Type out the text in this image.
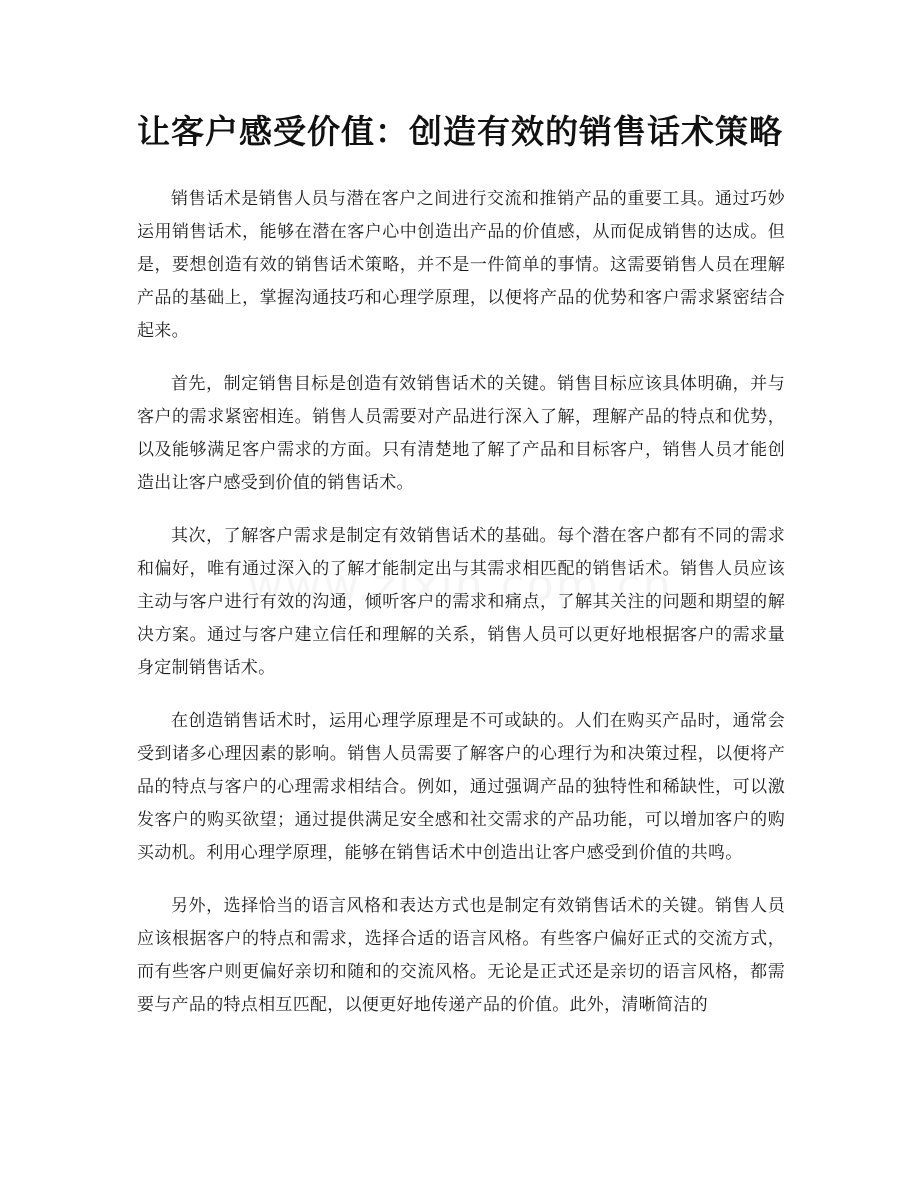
让客户感受价值：创造有效的销售话术策略

销售话术是销售人员与潜在客户之间进行交流和推销产品的重要工具。通过巧妙运用销售话术，能够在潜在客户心中创造出产品的价值感，从而促成销售的达成。但是，要想创造有效的销售话术策略，并不是一件简单的事情。这需要销售人员在理解产品的基础上，掌握沟通技巧和心理学原理，以便将产品的优势和客户需求紧密结合起来。

首先，制定销售目标是创造有效销售话术的关键。销售目标应该具体明确，并与客户的需求紧密相连。销售人员需要对产品进行深入了解，理解产品的特点和优势，以及能够满足客户需求的方面。只有清楚地了解了产品和目标客户，销售人员才能创造出让客户感受到价值的销售话术。

其次，了解客户需求是制定有效销售话术的基础。每个潜在客户都有不同的需求和偏好，唯有通过深入的了解才能制定出与其需求相匹配的销售话术。销售人员应该主动与客户进行有效的沟通，倾听客户的需求和痛点，了解其关注的问题和期望的解决方案。通过与客户建立信任和理解的关系，销售人员可以更好地根据客户的需求量身定制销售话术。

在创造销售话术时，运用心理学原理是不可或缺的。人们在购买产品时，通常会受到诸多心理因素的影响。销售人员需要了解客户的心理行为和决策过程，以便将产品的特点与客户的心理需求相结合。例如，通过强调产品的独特性和稀缺性，可以激发客户的购买欲望；通过提供满足安全感和社交需求的产品功能，可以增加客户的购买动机。利用心理学原理，能够在销售话术中创造出让客户感受到价值的共鸣。

另外，选择恰当的语言风格和表达方式也是制定有效销售话术的关键。销售人员应该根据客户的特点和需求，选择合适的语言风格。有些客户偏好正式的交流方式，而有些客户则更偏好亲切和随和的交流风格。无论是正式还是亲切的语言风格，都需要与产品的特点相互匹配，以便更好地传递产品的价值。此外，清晰简洁的
